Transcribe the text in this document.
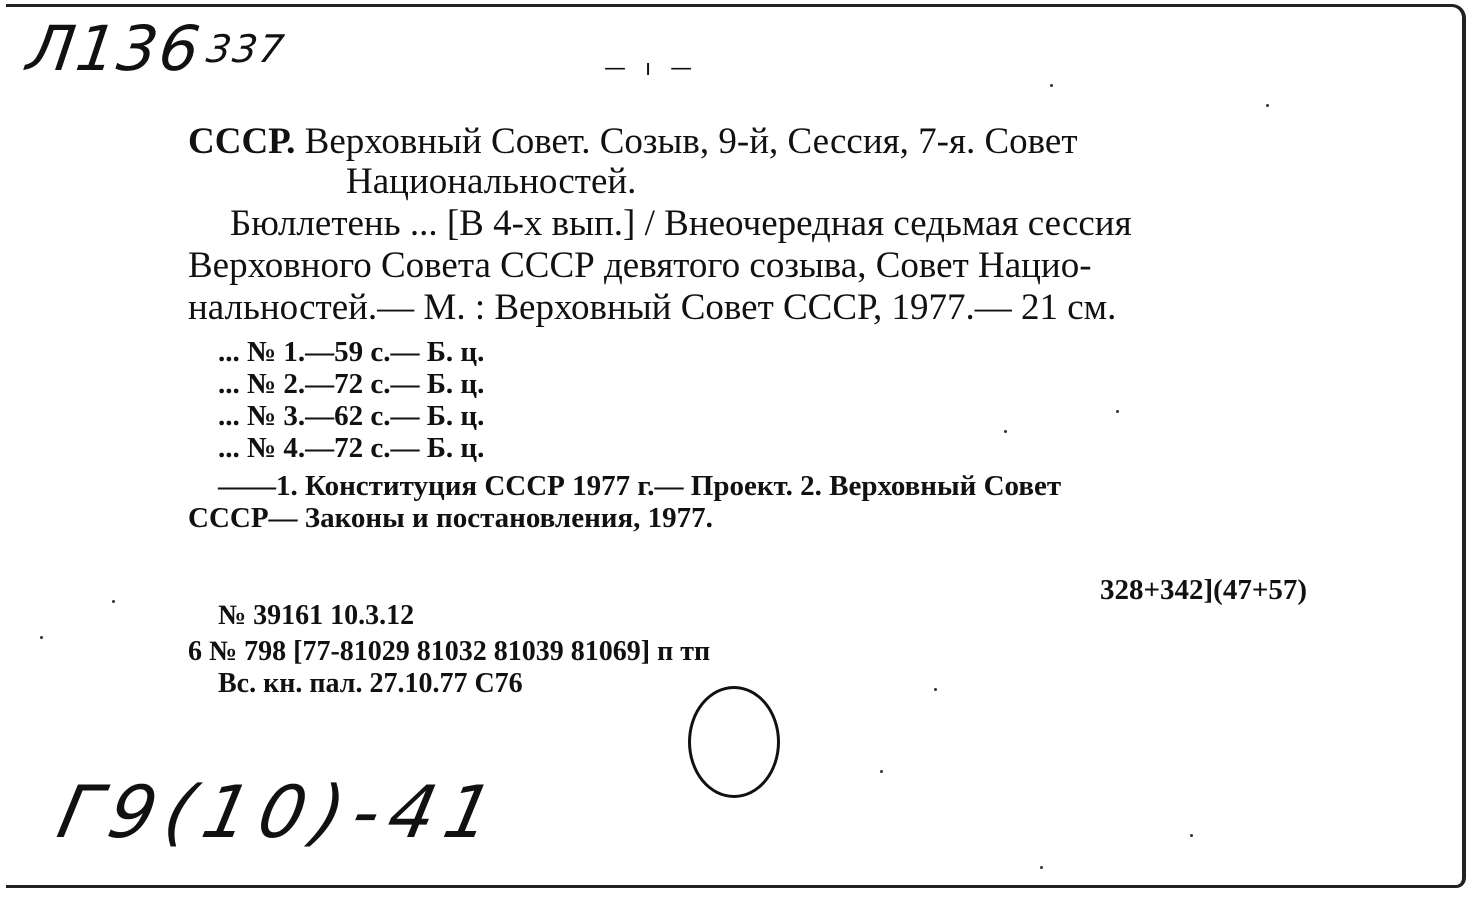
Л136337	— ı —
СССР. Верховный Совет. Созыв, 9-й, Сессия, 7-я. Совет
Национальностей.
Бюллетень ... [В 4-х вып.] / Внеочередная седьмая сессия
Верховного Совета СССР девятого созыва, Совет Нацио-
нальностей.— М. : Верховный Совет СССР, 1977.— 21 см.
... № 1.—59 с.— Б. ц.
... № 2.—72 с.— Б. ц.
... № 3.—62 с.— Б. ц.
... № 4.—72 с.— Б. ц.
——1. Конституция СССР 1977 г.— Проект. 2. Верховный Совет
СССР— Законы и постановления, 1977.
328+342](47+57)
№ 39161 10.3.12
6 № 798 [77-81029 81032 81039 81069] п тп
Вс. кн. пал. 27.10.77 С76
Г9(10)-41
